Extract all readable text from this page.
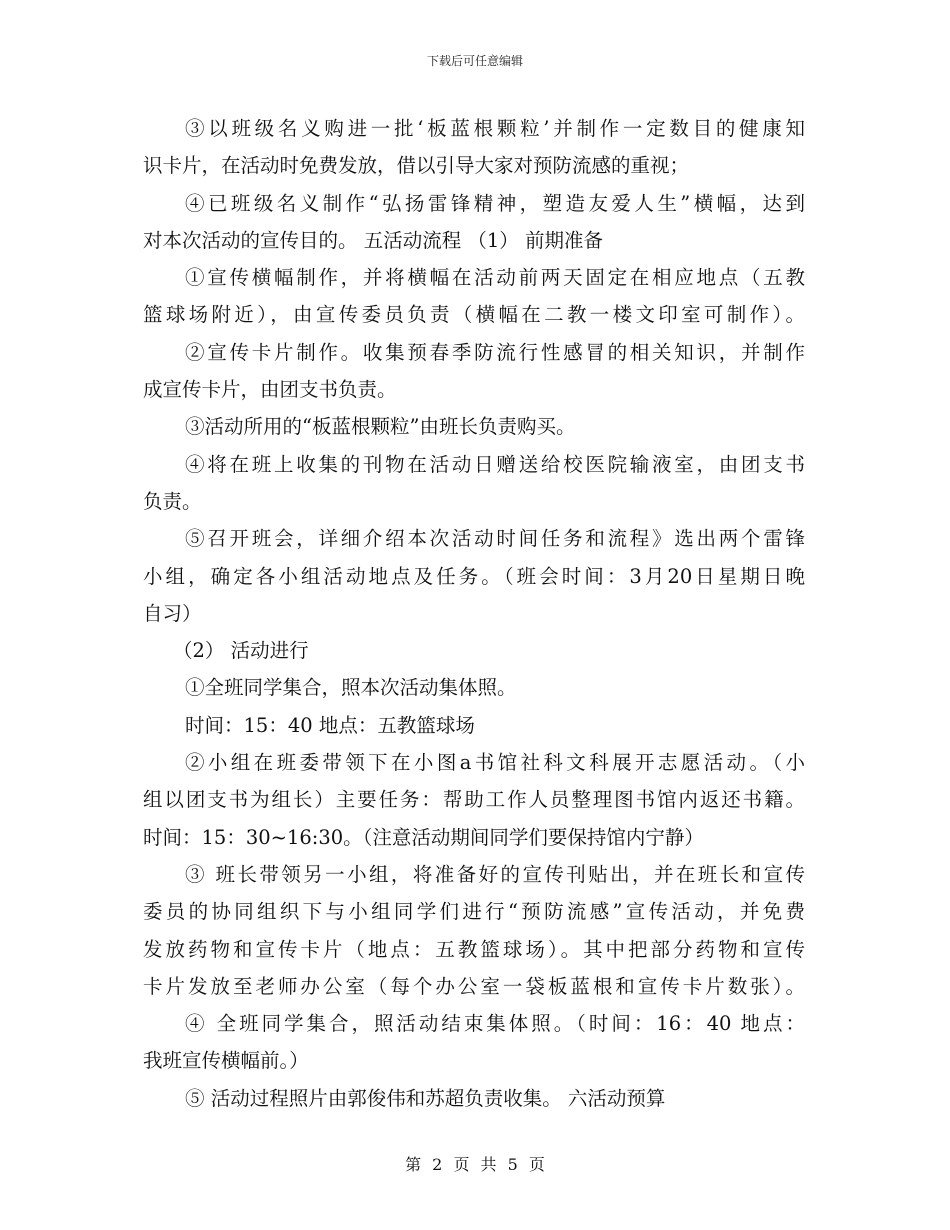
下载后可任意编辑
③以班级名义购进一批‘板蓝根颗粒’并制作一定数目的健康知
识卡片，在活动时免费发放，借以引导大家对预防流感的重视；
④已班级名义制作“弘扬雷锋精神，塑造友爱人生”横幅，达到
对本次活动的宣传目的。 五活动流程 （1） 前期准备
①宣传横幅制作，并将横幅在活动前两天固定在相应地点（五教
篮球场附近），由宣传委员负责（横幅在二教一楼文印室可制作）。
②宣传卡片制作。收集预春季防流行性感冒的相关知识，并制作
成宣传卡片，由团支书负责。
③活动所用的“板蓝根颗粒”由班长负责购买。
④将在班上收集的刊物在活动日赠送给校医院输液室，由团支书
负责。
⑤召开班会，详细介绍本次活动时间任务和流程》选出两个雷锋
小组，确定各小组活动地点及任务。（班会时间：3月20日星期日晚
自习）
（2） 活动进行
①全班同学集合，照本次活动集体照。
时间：15：40 地点：五教篮球场
②小组在班委带领下在小图a书馆社科文科展开志愿活动。（小
组以团支书为组长）主要任务：帮助工作人员整理图书馆内返还书籍。
时间：15：30~16:30。（注意活动期间同学们要保持馆内宁静）
③ 班长带领另一小组，将准备好的宣传刊贴出，并在班长和宣传
委员的协同组织下与小组同学们进行“预防流感”宣传活动，并免费
发放药物和宣传卡片（地点：五教篮球场）。其中把部分药物和宣传
卡片发放至老师办公室（每个办公室一袋板蓝根和宣传卡片数张）。
④ 全班同学集合，照活动结束集体照。（时间：16：40 地点：
我班宣传横幅前。）
⑤ 活动过程照片由郭俊伟和苏超负责收集。 六活动预算
第 2 页 共 5 页
